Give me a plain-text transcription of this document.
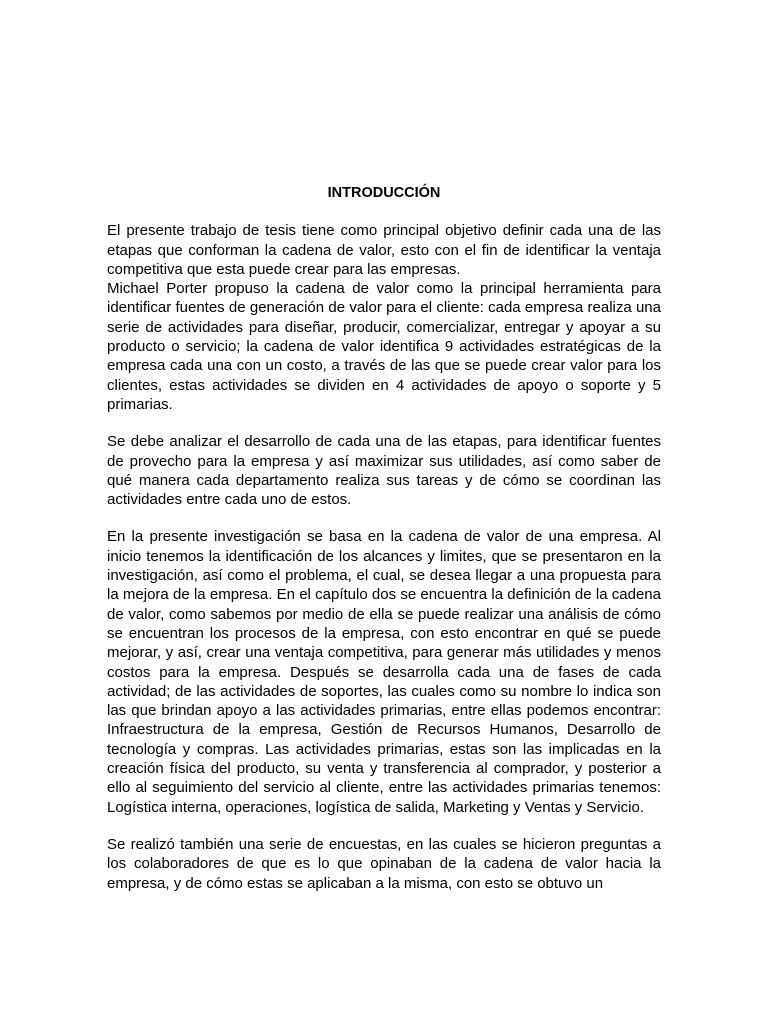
INTRODUCCIÓN

El presente trabajo de tesis tiene como principal objetivo definir cada una de las etapas que conforman la cadena de valor, esto con el fin de identificar la ventaja competitiva que esta puede crear para las empresas.

Michael Porter propuso la cadena de valor como la principal herramienta para identificar fuentes de generación de valor para el cliente: cada empresa realiza una serie de actividades para diseñar, producir, comercializar, entregar y apoyar a su producto o servicio; la cadena de valor identifica 9 actividades estratégicas de la empresa cada una con un costo, a través de las que se puede crear valor para los clientes, estas actividades se dividen en 4 actividades de apoyo o soporte y 5 primarias.

Se debe analizar el desarrollo de cada una de las etapas, para identificar fuentes de provecho para la empresa y así maximizar sus utilidades, así como saber de qué manera cada departamento realiza sus tareas y de cómo se coordinan las actividades entre cada uno de estos.

En la presente investigación se basa en la cadena de valor de una empresa. Al inicio tenemos la identificación de los alcances y limites, que se presentaron en la investigación, así como el problema, el cual, se desea llegar a una propuesta para la mejora de la empresa. En el capítulo dos se encuentra la definición de la cadena de valor, como sabemos por medio de ella se puede realizar una análisis de cómo se encuentran los procesos de la empresa, con esto encontrar en qué se puede mejorar, y así, crear una ventaja competitiva, para generar más utilidades y menos costos para la empresa. Después se desarrolla cada una de fases de cada actividad; de las actividades de soportes, las cuales como su nombre lo indica son las que brindan apoyo a las actividades primarias, entre ellas podemos encontrar: Infraestructura de la empresa, Gestión de Recursos Humanos, Desarrollo de tecnología y compras. Las actividades primarias, estas son las implicadas en la creación física del producto, su venta y transferencia al comprador, y posterior a ello al seguimiento del servicio al cliente, entre las actividades primarias tenemos: Logística interna, operaciones, logística de salida, Marketing y Ventas y Servicio.

Se realizó también una serie de encuestas, en las cuales se hicieron preguntas a los colaboradores de que es lo que opinaban de la cadena de valor hacia la empresa, y de cómo estas se aplicaban a la misma, con esto se obtuvo un
